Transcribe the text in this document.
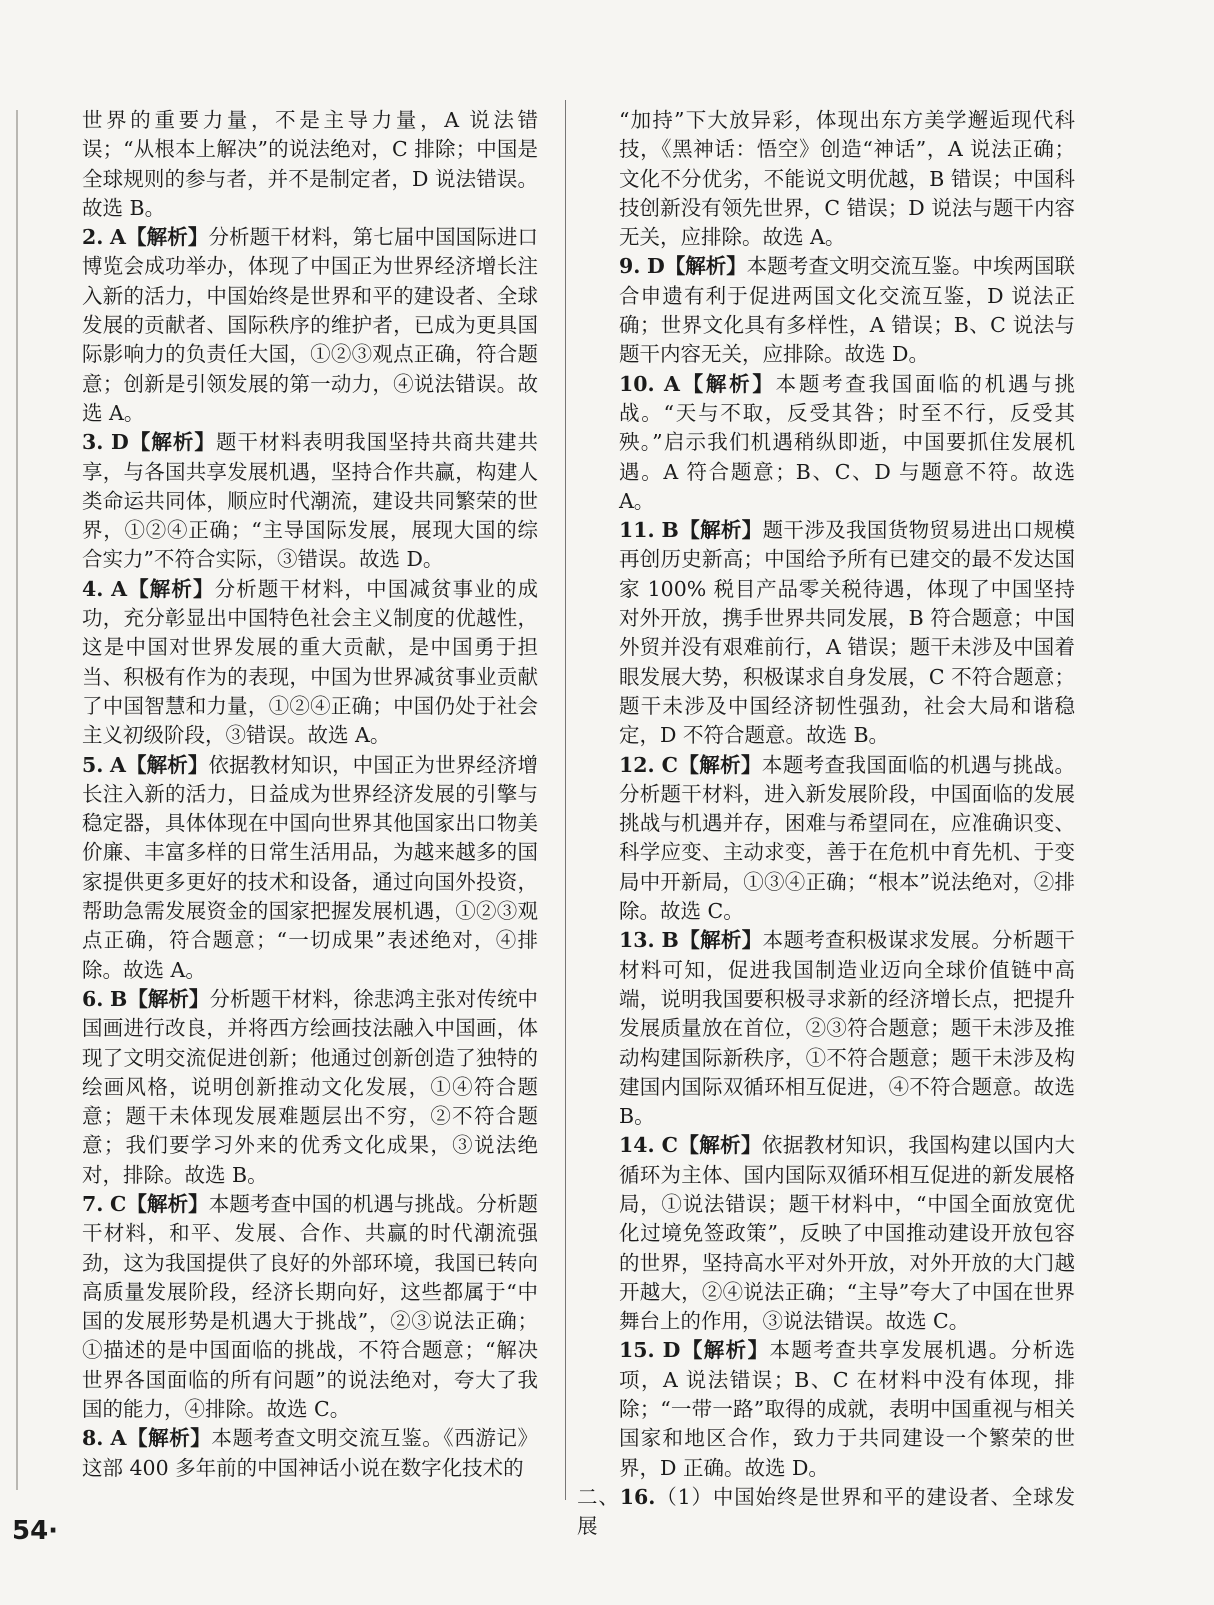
世界的重要力量，不是主导力量，A 说法错误；“从根本上解决”的说法绝对，C 排除；中国是全球规则的参与者，并不是制定者，D 说法错误。故选 B。

2. A【解析】分析题干材料，第七届中国国际进口博览会成功举办，体现了中国正为世界经济增长注入新的活力，中国始终是世界和平的建设者、全球发展的贡献者、国际秩序的维护者，已成为更具国际影响力的负责任大国，①②③观点正确，符合题意；创新是引领发展的第一动力，④说法错误。故选 A。

3. D【解析】题干材料表明我国坚持共商共建共享，与各国共享发展机遇，坚持合作共赢，构建人类命运共同体，顺应时代潮流，建设共同繁荣的世界，①②④正确；“主导国际发展，展现大国的综合实力”不符合实际，③错误。故选 D。

4. A【解析】分析题干材料，中国减贫事业的成功，充分彰显出中国特色社会主义制度的优越性，这是中国对世界发展的重大贡献，是中国勇于担当、积极有作为的表现，中国为世界减贫事业贡献了中国智慧和力量，①②④正确；中国仍处于社会主义初级阶段，③错误。故选 A。

5. A【解析】依据教材知识，中国正为世界经济增长注入新的活力，日益成为世界经济发展的引擎与稳定器，具体体现在中国向世界其他国家出口物美价廉、丰富多样的日常生活用品，为越来越多的国家提供更多更好的技术和设备，通过向国外投资，帮助急需发展资金的国家把握发展机遇，①②③观点正确，符合题意；“一切成果”表述绝对，④排除。故选 A。

6. B【解析】分析题干材料，徐悲鸿主张对传统中国画进行改良，并将西方绘画技法融入中国画，体现了文明交流促进创新；他通过创新创造了独特的绘画风格，说明创新推动文化发展，①④符合题意；题干未体现发展难题层出不穷，②不符合题意；我们要学习外来的优秀文化成果，③说法绝对，排除。故选 B。

7. C【解析】本题考查中国的机遇与挑战。分析题干材料，和平、发展、合作、共赢的时代潮流强劲，这为我国提供了良好的外部环境，我国已转向高质量发展阶段，经济长期向好，这些都属于“中国的发展形势是机遇大于挑战”，②③说法正确；①描述的是中国面临的挑战，不符合题意；“解决世界各国面临的所有问题”的说法绝对，夸大了我国的能力，④排除。故选 C。

8. A【解析】本题考查文明交流互鉴。《西游记》这部 400 多年前的中国神话小说在数字化技术的

“加持”下大放异彩，体现出东方美学邂逅现代科技，《黑神话：悟空》创造“神话”，A 说法正确；文化不分优劣，不能说文明优越，B 错误；中国科技创新没有领先世界，C 错误；D 说法与题干内容无关，应排除。故选 A。

9. D【解析】本题考查文明交流互鉴。中埃两国联合申遗有利于促进两国文化交流互鉴，D 说法正确；世界文化具有多样性，A 错误；B、C 说法与题干内容无关，应排除。故选 D。

10. A【解析】本题考查我国面临的机遇与挑战。“天与不取，反受其咎；时至不行，反受其殃。”启示我们机遇稍纵即逝，中国要抓住发展机遇。A 符合题意；B、C、D 与题意不符。故选 A。

11. B【解析】题干涉及我国货物贸易进出口规模再创历史新高；中国给予所有已建交的最不发达国家 100% 税目产品零关税待遇，体现了中国坚持对外开放，携手世界共同发展，B 符合题意；中国外贸并没有艰难前行，A 错误；题干未涉及中国着眼发展大势，积极谋求自身发展，C 不符合题意；题干未涉及中国经济韧性强劲，社会大局和谐稳定，D 不符合题意。故选 B。

12. C【解析】本题考查我国面临的机遇与挑战。分析题干材料，进入新发展阶段，中国面临的发展挑战与机遇并存，困难与希望同在，应准确识变、科学应变、主动求变，善于在危机中育先机、于变局中开新局，①③④正确；“根本”说法绝对，②排除。故选 C。

13. B【解析】本题考查积极谋求发展。分析题干材料可知，促进我国制造业迈向全球价值链中高端，说明我国要积极寻求新的经济增长点，把提升发展质量放在首位，②③符合题意；题干未涉及推动构建国际新秩序，①不符合题意；题干未涉及构建国内国际双循环相互促进，④不符合题意。故选 B。

14. C【解析】依据教材知识，我国构建以国内大循环为主体、国内国际双循环相互促进的新发展格局，①说法错误；题干材料中，“中国全面放宽优化过境免签政策”，反映了中国推动建设开放包容的世界，坚持高水平对外开放，对外开放的大门越开越大，②④说法正确；“主导”夸大了中国在世界舞台上的作用，③说法错误。故选 C。

15. D【解析】本题考查共享发展机遇。分析选项，A 说法错误；B、C 在材料中没有体现，排除；“一带一路”取得的成就，表明中国重视与相关国家和地区合作，致力于共同建设一个繁荣的世界，D 正确。故选 D。

二、16.（1）中国始终是世界和平的建设者、全球发展

54·
